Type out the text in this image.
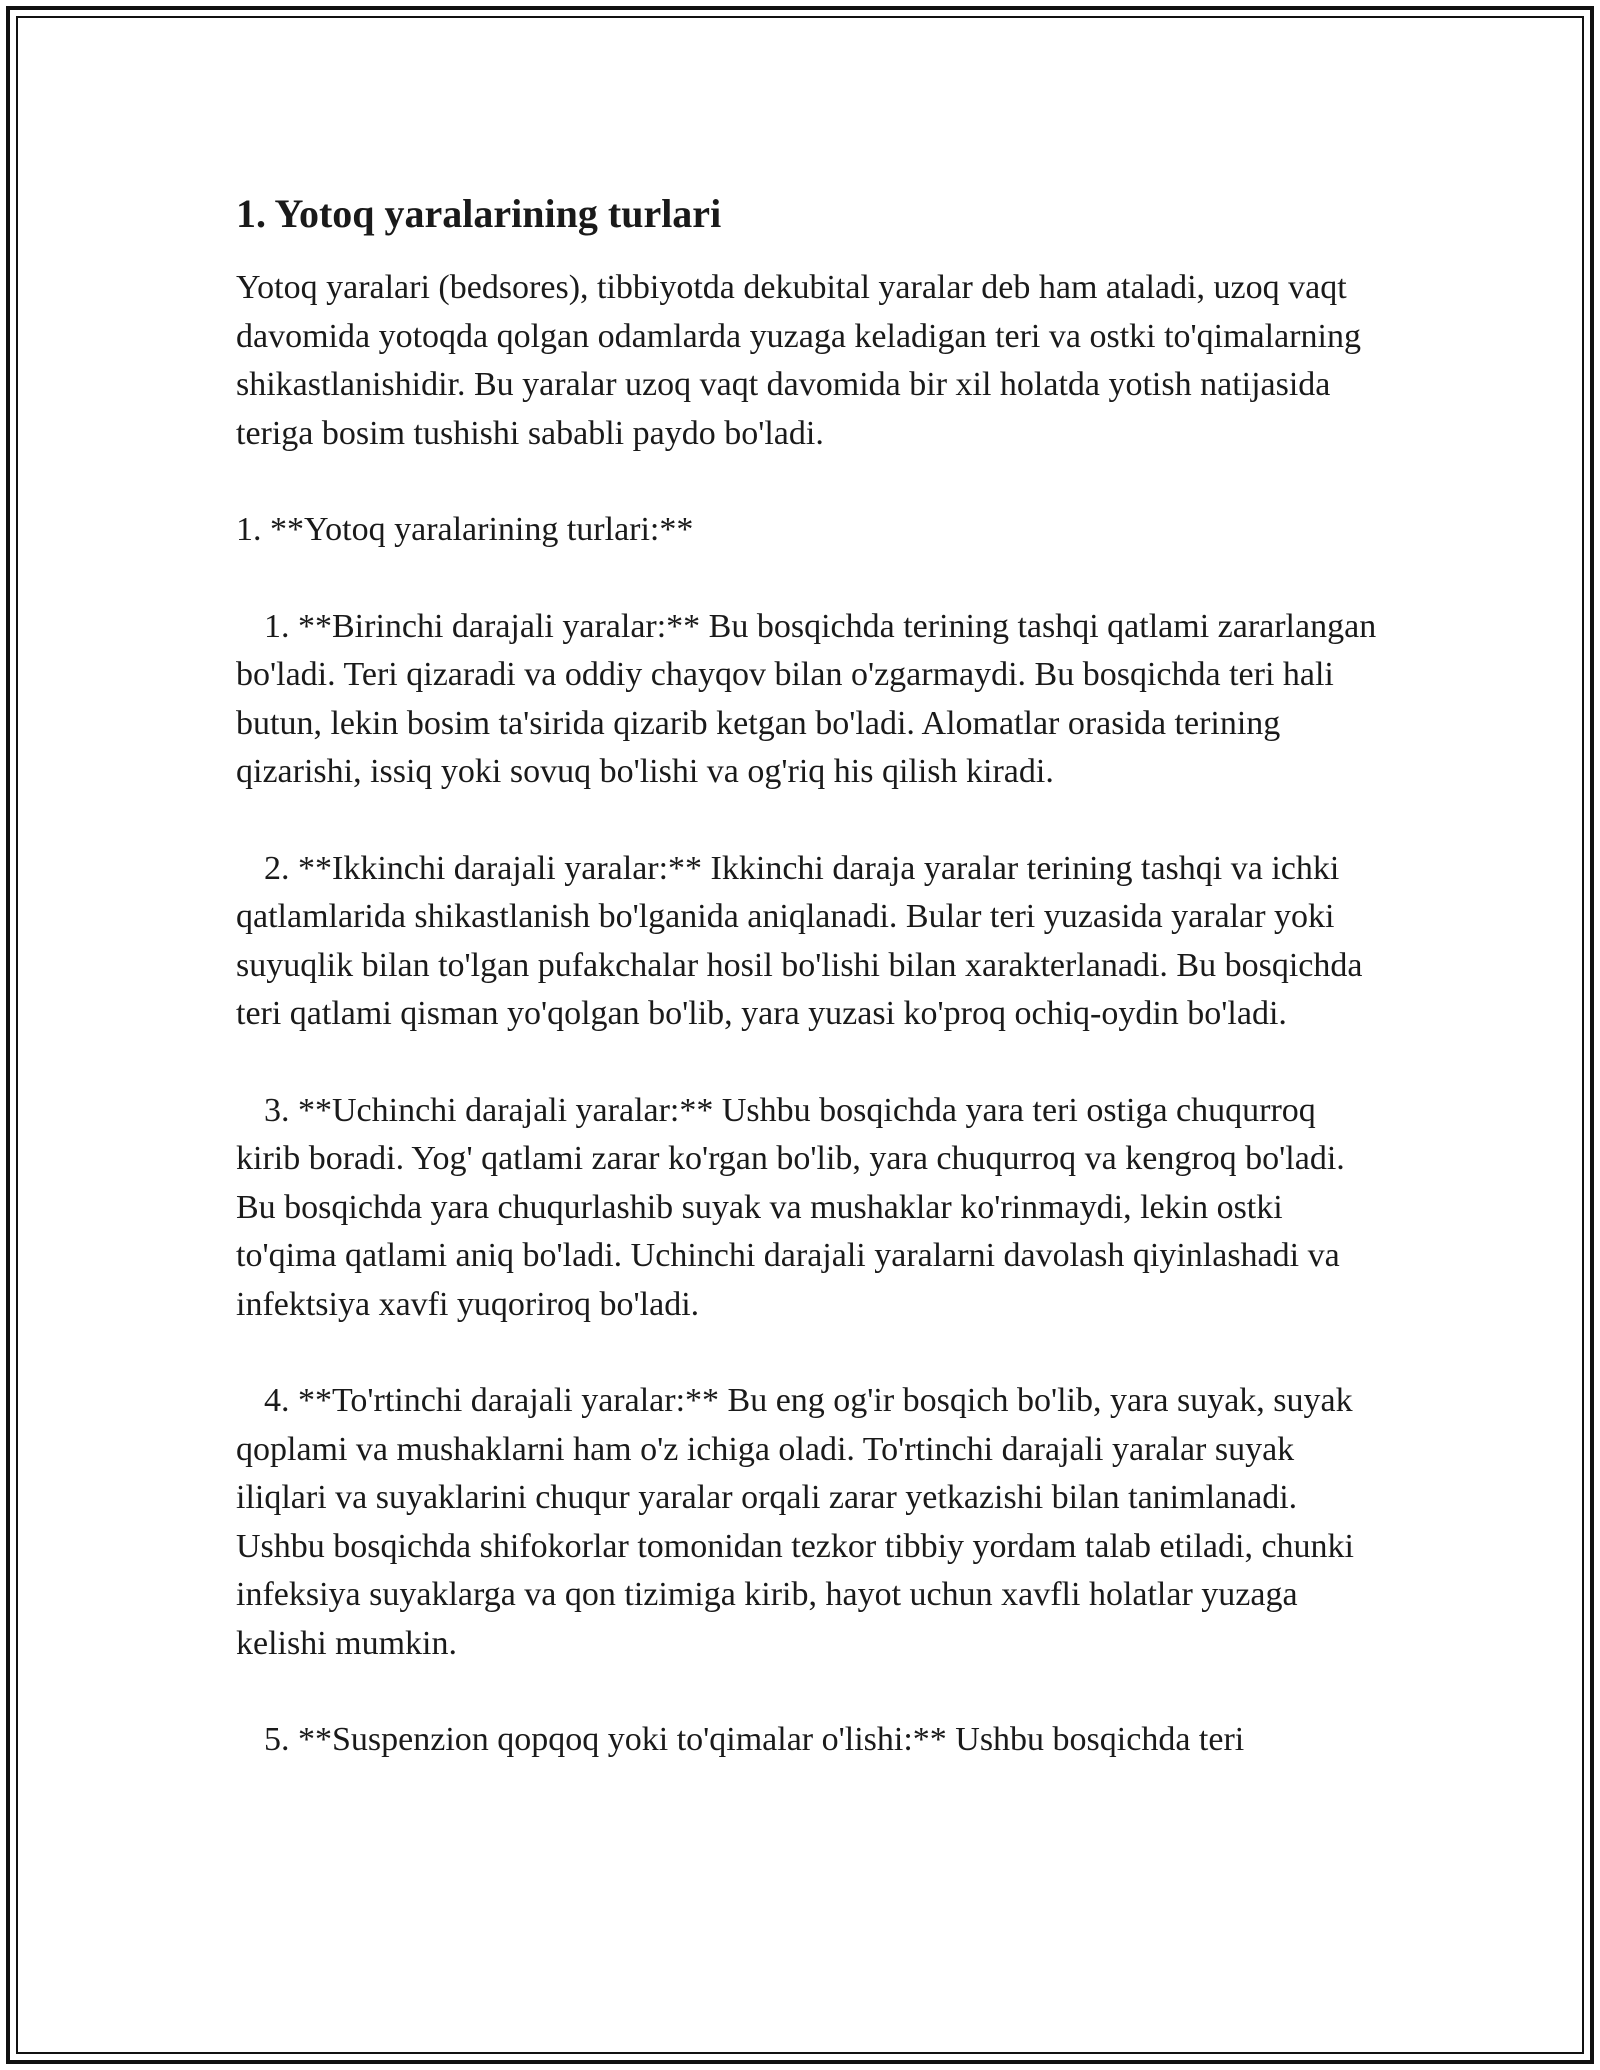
1. Yotoq yaralarining turlari

Yotoq yaralari (bedsores), tibbiyotda dekubital yaralar deb ham ataladi, uzoq vaqt davomida yotoqda qolgan odamlarda yuzaga keladigan teri va ostki to'qimalarning shikastlanishidir. Bu yaralar uzoq vaqt davomida bir xil holatda yotish natijasida teriga bosim tushishi sababli paydo bo'ladi.

1. **Yotoq yaralarining turlari:**

1. **Birinchi darajali yaralar:** Bu bosqichda terining tashqi qatlami zararlangan bo'ladi. Teri qizaradi va oddiy chayqov bilan o'zgarmaydi. Bu bosqichda teri hali butun, lekin bosim ta'sirida qizarib ketgan bo'ladi. Alomatlar orasida terining qizarishi, issiq yoki sovuq bo'lishi va og'riq his qilish kiradi.

2. **Ikkinchi darajali yaralar:** Ikkinchi daraja yaralar terining tashqi va ichki qatlamlarida shikastlanish bo'lganida aniqlanadi. Bular teri yuzasida yaralar yoki suyuqlik bilan to'lgan pufakchalar hosil bo'lishi bilan xarakterlanadi. Bu bosqichda teri qatlami qisman yo'qolgan bo'lib, yara yuzasi ko'proq ochiq-oydin bo'ladi.

3. **Uchinchi darajali yaralar:** Ushbu bosqichda yara teri ostiga chuqurroq kirib boradi. Yog' qatlami zarar ko'rgan bo'lib, yara chuqurroq va kengroq bo'ladi. Bu bosqichda yara chuqurlashib suyak va mushaklar ko'rinmaydi, lekin ostki to'qima qatlami aniq bo'ladi. Uchinchi darajali yaralarni davolash qiyinlashadi va infektsiya xavfi yuqoriroq bo'ladi.

4. **To'rtinchi darajali yaralar:** Bu eng og'ir bosqich bo'lib, yara suyak, suyak qoplami va mushaklarni ham o'z ichiga oladi. To'rtinchi darajali yaralar suyak iliqlari va suyaklarini chuqur yaralar orqali zarar yetkazishi bilan tanimlanadi. Ushbu bosqichda shifokorlar tomonidan tezkor tibbiy yordam talab etiladi, chunki infeksiya suyaklarga va qon tizimiga kirib, hayot uchun xavfli holatlar yuzaga kelishi mumkin.

5. **Suspenzion qopqoq yoki to'qimalar o'lishi:** Ushbu bosqichda teri
